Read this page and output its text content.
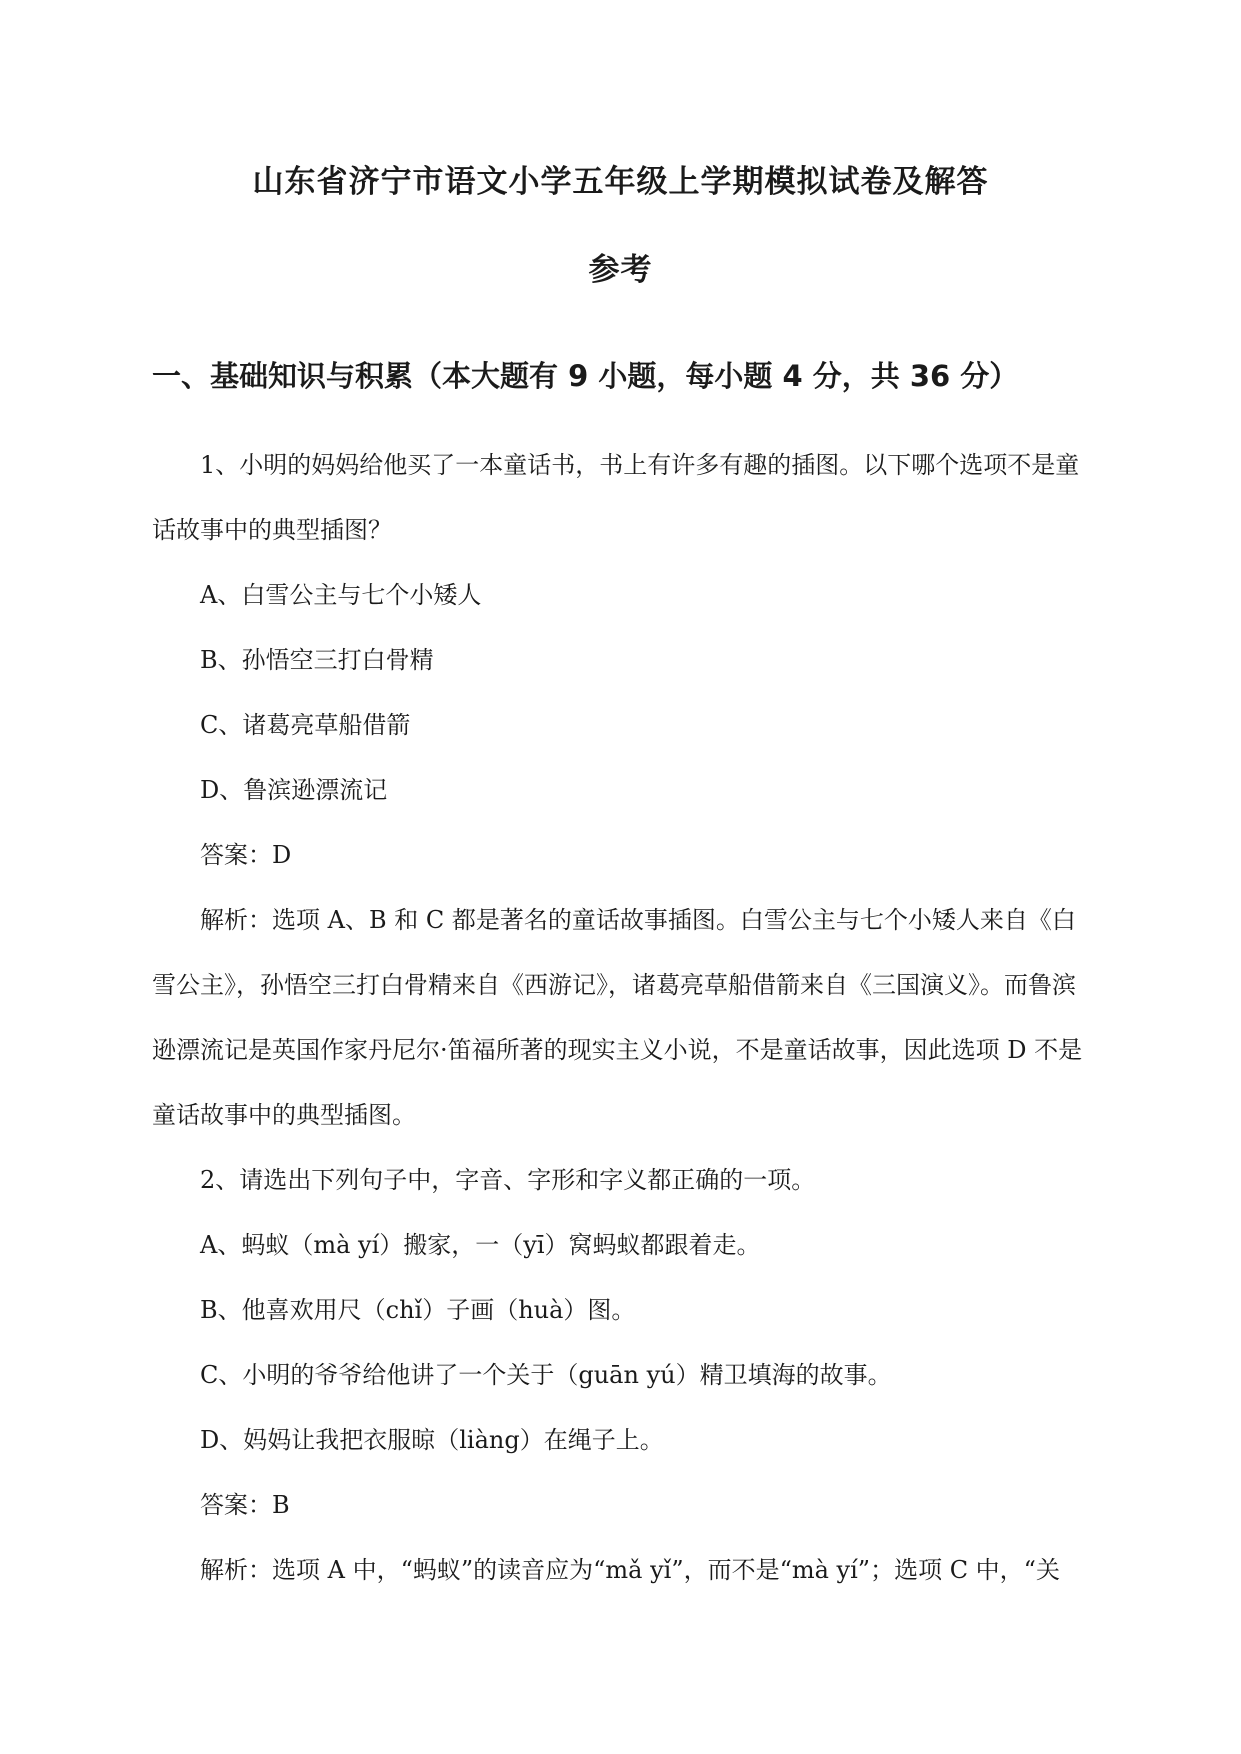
山东省济宁市语文小学五年级上学期模拟试卷及解答
参考
一、基础知识与积累（本大题有 9 小题，每小题 4 分，共 36 分）

1、小明的妈妈给他买了一本童话书，书上有许多有趣的插图。以下哪个选项不是童话故事中的典型插图？

A、白雪公主与七个小矮人

B、孙悟空三打白骨精

C、诸葛亮草船借箭

D、鲁滨逊漂流记

答案：D

解析：选项 A、B 和 C 都是著名的童话故事插图。白雪公主与七个小矮人来自《白雪公主》，孙悟空三打白骨精来自《西游记》，诸葛亮草船借箭来自《三国演义》。而鲁滨逊漂流记是英国作家丹尼尔·笛福所著的现实主义小说，不是童话故事，因此选项 D 不是童话故事中的典型插图。

2、请选出下列句子中，字音、字形和字义都正确的一项。

A、蚂蚁（mà yí）搬家，一（yī）窝蚂蚁都跟着走。

B、他喜欢用尺（chǐ）子画（huà）图。

C、小明的爷爷给他讲了一个关于（guān yú）精卫填海的故事。

D、妈妈让我把衣服晾（liàng）在绳子上。

答案：B

解析：选项 A 中，“蚂蚁”的读音应为“mǎ yǐ”，而不是“mà yí”；选项 C 中，“关
